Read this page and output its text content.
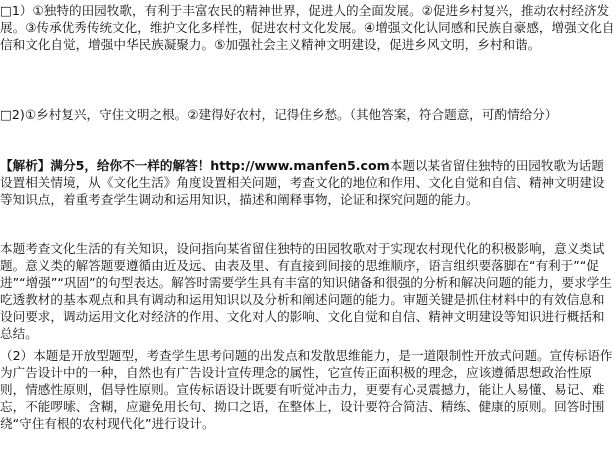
□1）①独特的田园牧歌，有利于丰富农民的精神世界，促进人的全面发展。②促进乡村复兴，推动农村经济发展。③传承优秀传统文化，维护文化多样性，促进农村文化发展。④增强文化认同感和民族自豪感，增强文化自信和文化自觉，增强中华民族凝聚力。⑤加强社会主义精神文明建设，促进乡风文明，乡村和谐。
□2)①乡村复兴，守住文明之根。②建得好农村，记得住乡愁。（其他答案，符合题意，可酌情给分）
【解析】满分5，给你不一样的解答！http://www.manfen5.com本题以某省留住独特的田园牧歌为话题设置相关情境，从《文化生活》角度设置相关问题，考查文化的地位和作用、文化自觉和自信、精神文明建设等知识点，着重考查学生调动和运用知识，描述和阐释事物，论证和探究问题的能力。
本题考查文化生活的有关知识，设问指向某省留住独特的田园牧歌对于实现农村现代化的积极影响，意义类试题。意义类的解答题要遵循由近及远、由表及里、有直接到间接的思维顺序，语言组织要落脚在“有利于”“促进”“增强”“巩固”的句型表达。解答时需要学生具有丰富的知识储备和很强的分析和解决问题的能力，要求学生吃透教材的基本观点和具有调动和运用知识以及分析和阐述问题的能力。审题关键是抓住材料中的有效信息和设问要求，调动运用文化对经济的作用、文化对人的影响、文化自觉和自信、精神文明建设等知识进行概括和总结。
（2）本题是开放型题型，考查学生思考问题的出发点和发散思维能力，是一道限制性开放式问题。宣传标语作为广告设计中的一种，自然也有广告设计宣传理念的属性，它宣传正面积极的理念，应该遵循思想政治性原则，情感性原则，倡导性原则。宣传标语设计既要有听觉冲击力，更要有心灵震撼力，能让人易懂、易记、难忘，不能啰嗦、含糊，应避免用长句、拗口之语，在整体上，设计要符合简洁、精练、健康的原则。回答时围绕“守住有根的农村现代化”进行设计。
